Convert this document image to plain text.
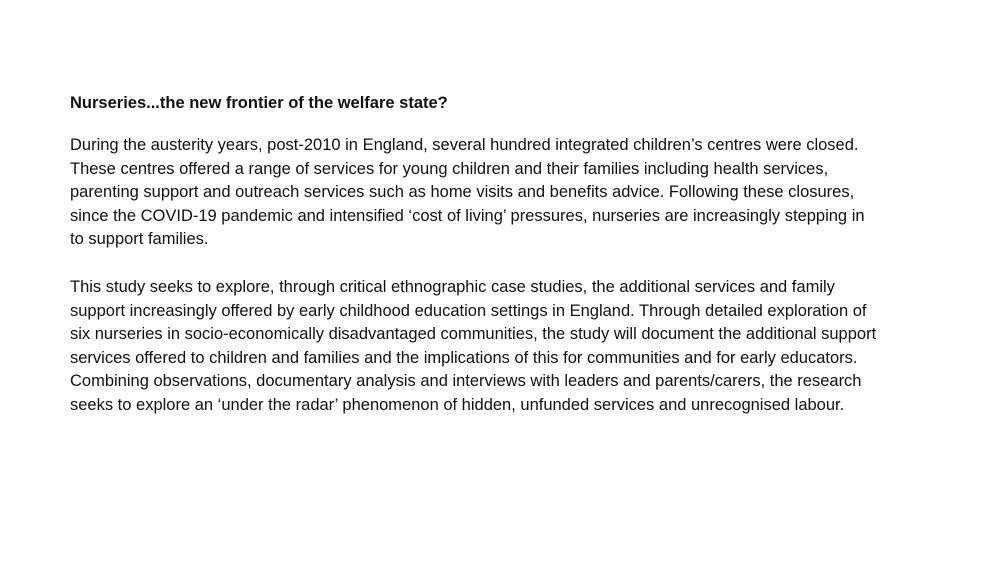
Nurseries...the new frontier of the welfare state?
During the austerity years, post-2010 in England, several hundred integrated children’s centres were closed.
These centres offered a range of services for young children and their families including health services,
parenting support and outreach services such as home visits and benefits advice. Following these closures,
since the COVID-19 pandemic and intensified ‘cost of living’ pressures, nurseries are increasingly stepping in
to support families.
This study seeks to explore, through critical ethnographic case studies, the additional services and family
support increasingly offered by early childhood education settings in England. Through detailed exploration of
six nurseries in socio-economically disadvantaged communities, the study will document the additional support
services offered to children and families and the implications of this for communities and for early educators.
Combining observations, documentary analysis and interviews with leaders and parents/carers, the research
seeks to explore an ‘under the radar’ phenomenon of hidden, unfunded services and unrecognised labour.
